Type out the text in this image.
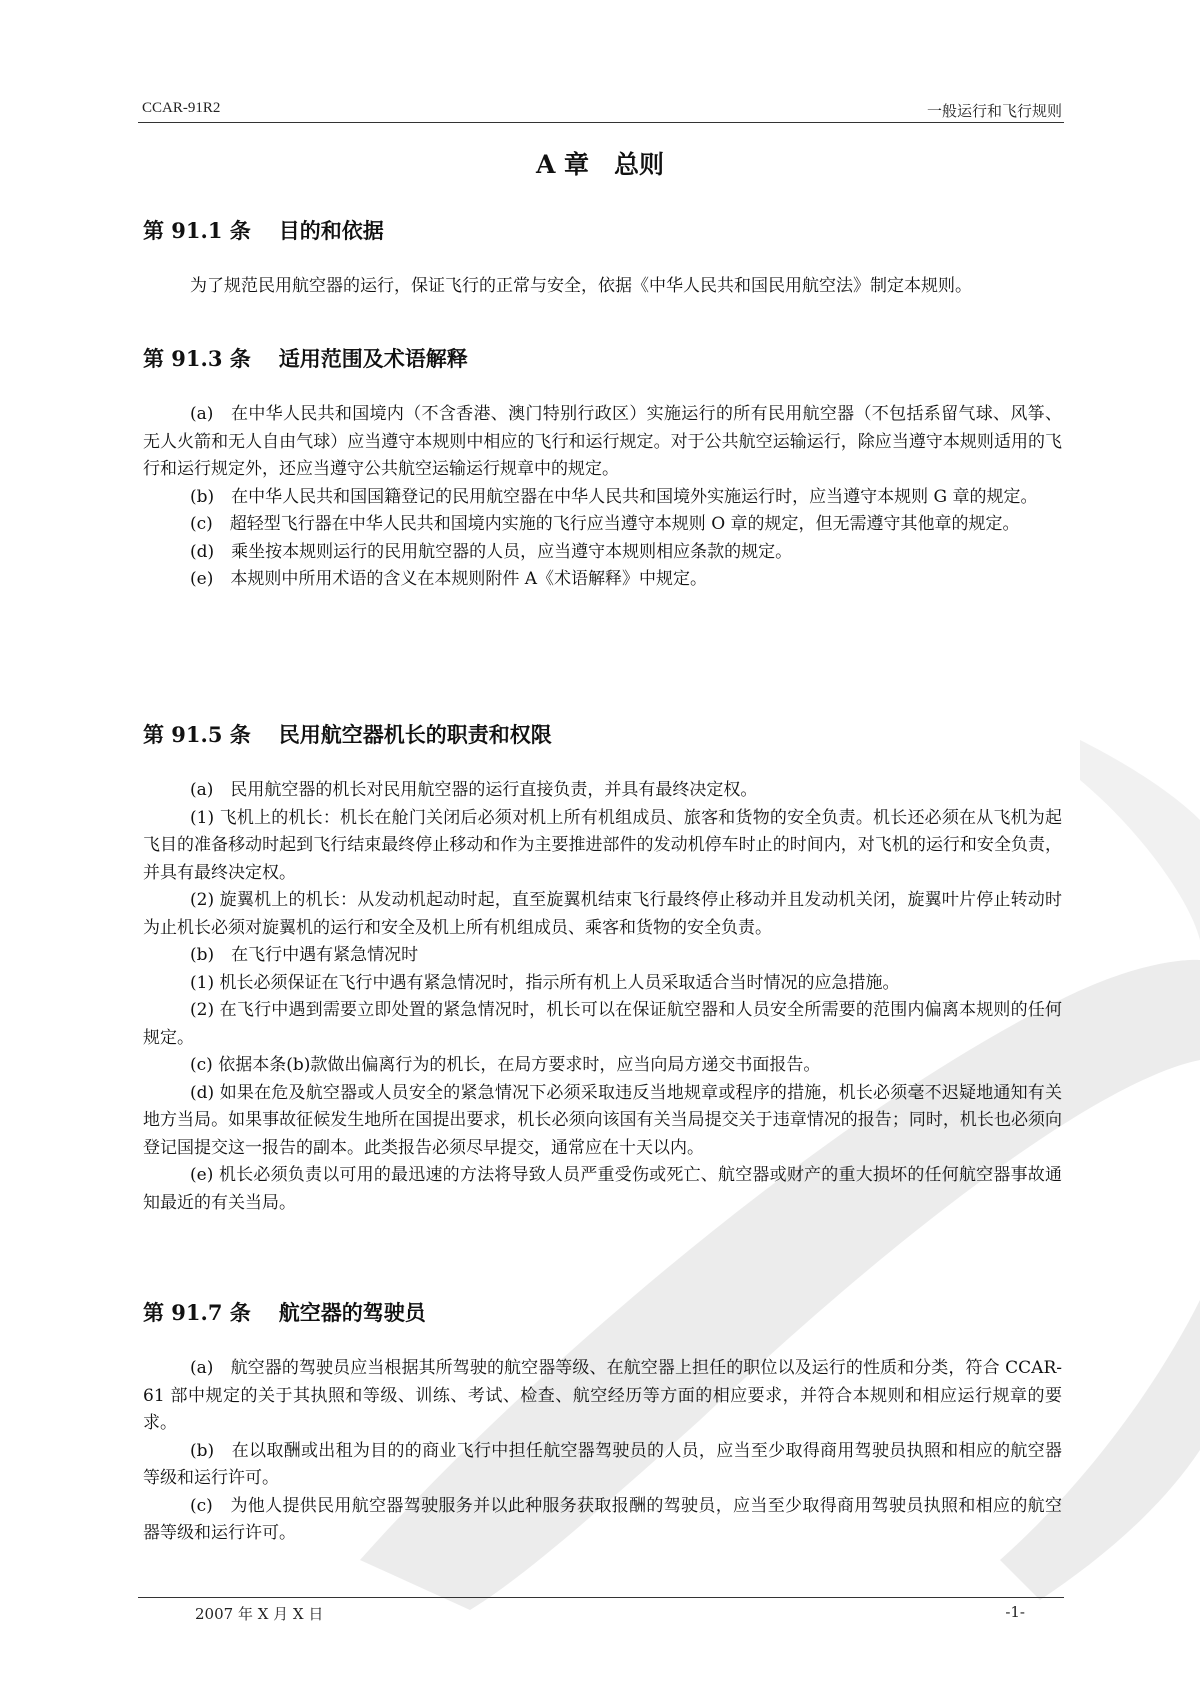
CCAR-91R2	一般运行和飞行规则
A 章　总则
第 91.1 条 目的和依据

为了规范民用航空器的运行，保证飞行的正常与安全，依据《中华人民共和国民用航空法》制定本规则。

第 91.3 条 适用范围及术语解释

(a)　在中华人民共和国境内（不含香港、澳门特别行政区）实施运行的所有民用航空器（不包括系留气球、风筝、无人火箭和无人自由气球）应当遵守本规则中相应的飞行和运行规定。对于公共航空运输运行，除应当遵守本规则适用的飞行和运行规定外，还应当遵守公共航空运输运行规章中的规定。

(b)　在中华人民共和国国籍登记的民用航空器在中华人民共和国境外实施运行时，应当遵守本规则 G 章的规定。

(c)　超轻型飞行器在中华人民共和国境内实施的飞行应当遵守本规则 O 章的规定，但无需遵守其他章的规定。

(d)　乘坐按本规则运行的民用航空器的人员，应当遵守本规则相应条款的规定。

(e)　本规则中所用术语的含义在本规则附件 A《术语解释》中规定。

第 91.5 条 民用航空器机长的职责和权限

(a)　民用航空器的机长对民用航空器的运行直接负责，并具有最终决定权。

(1) 飞机上的机长：机长在舱门关闭后必须对机上所有机组成员、旅客和货物的安全负责。机长还必须在从飞机为起飞目的准备移动时起到飞行结束最终停止移动和作为主要推进部件的发动机停车时止的时间内，对飞机的运行和安全负责，并具有最终决定权。

(2) 旋翼机上的机长：从发动机起动时起，直至旋翼机结束飞行最终停止移动并且发动机关闭，旋翼叶片停止转动时为止机长必须对旋翼机的运行和安全及机上所有机组成员、乘客和货物的安全负责。

(b)　在飞行中遇有紧急情况时

(1) 机长必须保证在飞行中遇有紧急情况时，指示所有机上人员采取适合当时情况的应急措施。

(2) 在飞行中遇到需要立即处置的紧急情况时，机长可以在保证航空器和人员安全所需要的范围内偏离本规则的任何规定。

(c) 依据本条(b)款做出偏离行为的机长，在局方要求时，应当向局方递交书面报告。

(d) 如果在危及航空器或人员安全的紧急情况下必须采取违反当地规章或程序的措施，机长必须毫不迟疑地通知有关地方当局。如果事故征候发生地所在国提出要求，机长必须向该国有关当局提交关于违章情况的报告；同时，机长也必须向登记国提交这一报告的副本。此类报告必须尽早提交，通常应在十天以内。

(e) 机长必须负责以可用的最迅速的方法将导致人员严重受伤或死亡、航空器或财产的重大损坏的任何航空器事故通知最近的有关当局。

第 91.7 条 航空器的驾驶员

(a)　航空器的驾驶员应当根据其所驾驶的航空器等级、在航空器上担任的职位以及运行的性质和分类，符合 CCAR-61 部中规定的关于其执照和等级、训练、考试、检查、航空经历等方面的相应要求，并符合本规则和相应运行规章的要求。

(b)　在以取酬或出租为目的的商业飞行中担任航空器驾驶员的人员，应当至少取得商用驾驶员执照和相应的航空器等级和运行许可。

(c)　为他人提供民用航空器驾驶服务并以此种服务获取报酬的驾驶员，应当至少取得商用驾驶员执照和相应的航空器等级和运行许可。

2007 年 X 月 X 日	-1-
